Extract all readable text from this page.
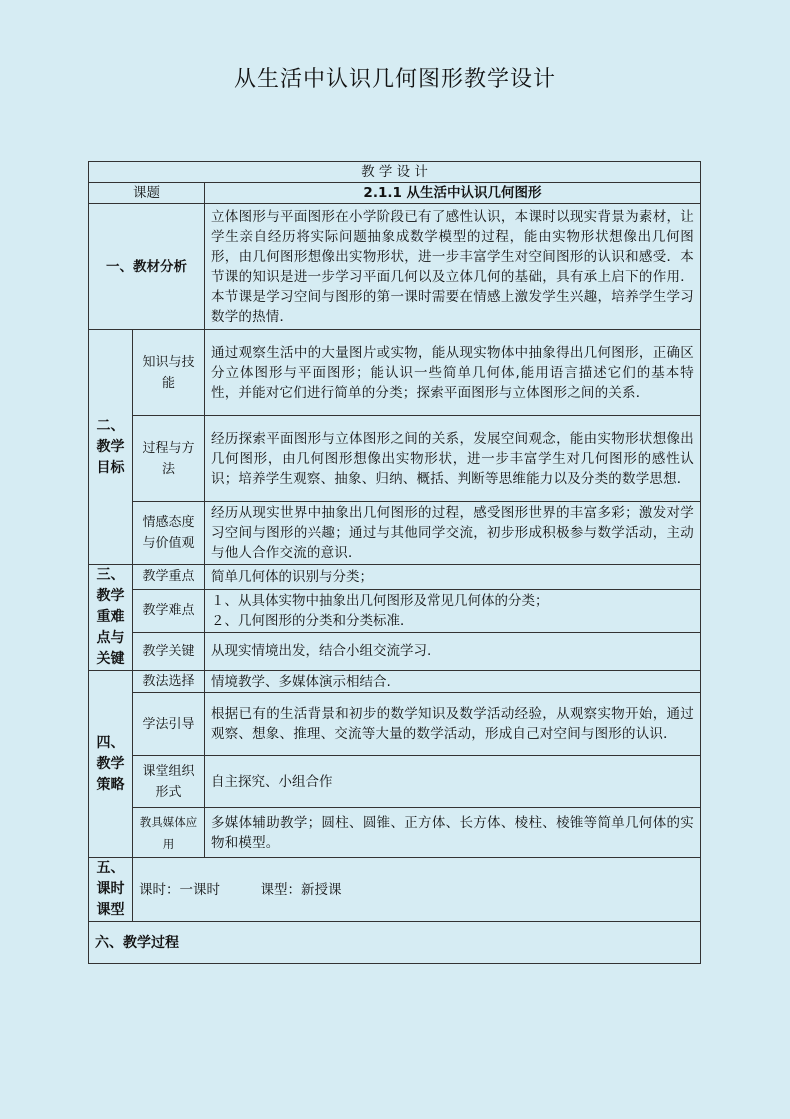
从生活中认识几何图形教学设计
教 学 设 计		
课题		2.1.1 从生活中认识几何图形
一、教材分析		立体图形与平面图形在小学阶段已有了感性认识，本课时以现实背景为素材，让学生亲自经历将实际问题抽象成数学模型的过程，能由实物形状想像出几何图形，由几何图形想像出实物形状，进一步丰富学生对空间图形的认识和感受．本节课的知识是进一步学习平面几何以及立体几何的基础，具有承上启下的作用．本节课是学习空间与图形的第一课时需要在情感上激发学生兴趣，培养学生学习数学的热情．
二、教学目标	知识与技能	通过观察生活中的大量图片或实物，能从现实物体中抽象得出几何图形，正确区分立体图形与平面图形；能认识一些简单几何体,能用语言描述它们的基本特性，并能对它们进行简单的分类；探索平面图形与立体图形之间的关系．
	过程与方法	经历探索平面图形与立体图形之间的关系，发展空间观念，能由实物形状想像出几何图形，由几何图形想像出实物形状，进一步丰富学生对几何图形的感性认识；培养学生观察、抽象、归纳、概括、判断等思维能力以及分类的数学思想．
	情感态度与价值观	经历从现实世界中抽象出几何图形的过程，感受图形世界的丰富多彩；激发对学习空间与图形的兴趣；通过与其他同学交流，初步形成积极参与数学活动，主动与他人合作交流的意识．
三、教学重难点与关键	教学重点	简单几何体的识别与分类；
	教学难点	１、从具体实物中抽象出几何图形及常见几何体的分类；
２、几何图形的分类和分类标准．

	教学关键	从现实情境出发，结合小组交流学习.
四、教学策略	教法选择	情境教学、多媒体演示相结合.
	学法引导	根据已有的生活背景和初步的数学知识及数学活动经验，从观察实物开始，通过观察、想象、推理、交流等大量的数学活动，形成自己对空间与图形的认识．
	课堂组织形式	自主探究、小组合作
	教具媒体应用	多媒体辅助教学；圆柱、圆锥、正方体、长方体、棱柱、棱锥等简单几何体的实物和模型。
五、课时课型	课时：一课时　　　课型：新授课	
六、教学过程		
